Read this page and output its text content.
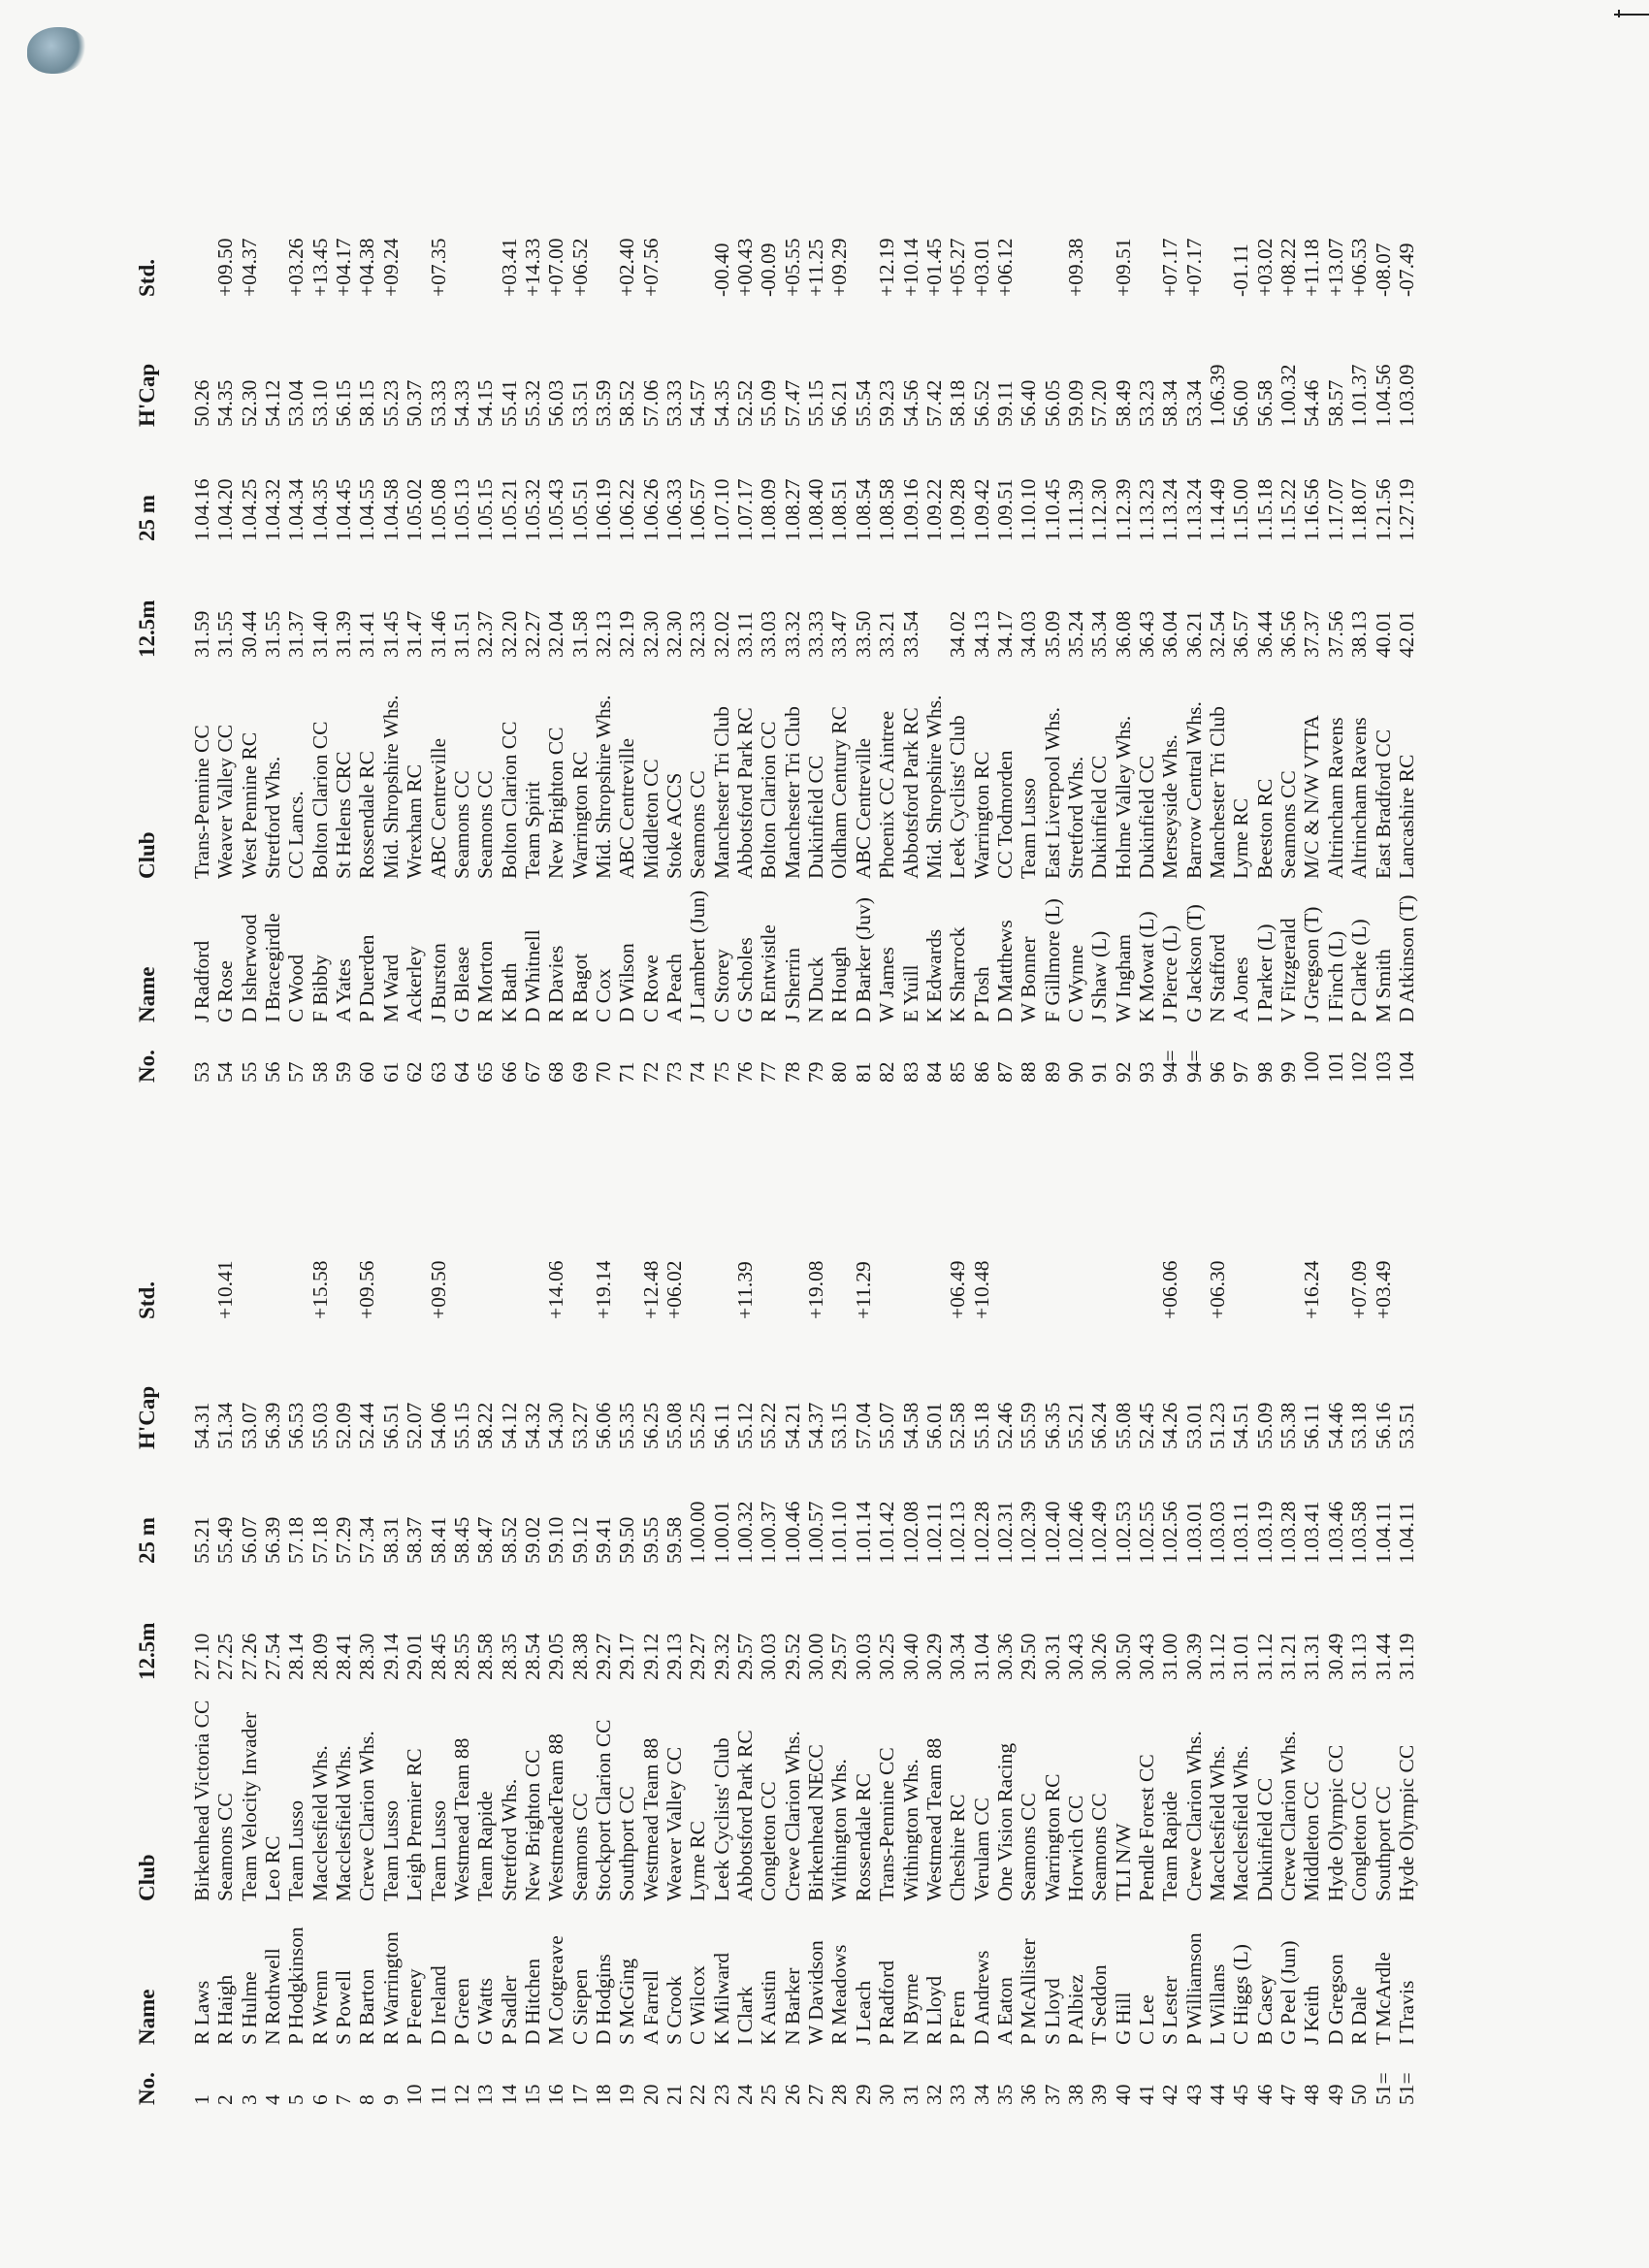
No.
Name
Club
12.5m
25 m
H'Cap
Std.
1
R Laws
Birkenhead Victoria CC
27.10
55.21
54.31
2
R Haigh
Seamons CC
27.25
55.49
51.34
+10.41
3
S Hulme
Team Velocity Invader
27.26
56.07
53.07
4
N Rothwell
Leo RC
27.54
56.39
56.39
5
P Hodgkinson
Team Lusso
28.14
57.18
56.53
6
R Wrenn
Macclesfield Whs.
28.09
57.18
55.03
+15.58
7
S Powell
Macclesfield Whs.
28.41
57.29
52.09
8
R Barton
Crewe Clarion Whs.
28.30
57.34
52.44
+09.56
9
R Warrington
Team Lusso
29.14
58.31
56.51
10
P Feeney
Leigh Premier RC
29.01
58.37
52.07
11
D Ireland
Team Lusso
28.45
58.41
54.06
+09.50
12
P Green
Westmead Team 88
28.55
58.45
55.15
13
G Watts
Team Rapide
28.58
58.47
58.22
14
P Sadler
Stretford Whs.
28.35
58.52
54.12
15
D Hitchen
New Brighton CC
28.54
59.02
54.32
16
M Cotgreave
WestmeadeTeam 88
29.05
59.10
54.30
+14.06
17
C Siepen
Seamons CC
28.38
59.12
53.27
18
D Hodgins
Stockport Clarion CC
29.27
59.41
56.06
+19.14
19
S McGing
Southport CC
29.17
59.50
55.35
20
A Farrell
Westmead Team 88
29.12
59.55
56.25
+12.48
21
S Crook
Weaver Valley CC
29.13
59.58
55.08
+06.02
22
C Wilcox
Lyme RC
29.27
1.00.00
55.25
23
K Milward
Leek Cyclists' Club
29.32
1.00.01
56.11
24
I Clark
Abbotsford Park RC
29.57
1.00.32
55.12
+11.39
25
K Austin
Congleton CC
30.03
1.00.37
55.22
26
N Barker
Crewe Clarion Whs.
29.52
1.00.46
54.21
27
W Davidson
Birkenhead NECC
30.00
1.00.57
54.37
+19.08
28
R Meadows
Withington Whs.
29.57
1.01.10
53.15
29
J Leach
Rossendale RC
30.03
1.01.14
57.04
+11.29
30
P Radford
Trans-Pennine CC
30.25
1.01.42
55.07
31
N Byrne
Withington Whs.
30.40
1.02.08
54.58
32
R Lloyd
Westmead Team 88
30.29
1.02.11
56.01
33
P Fern
Cheshire RC
30.34
1.02.13
52.58
+06.49
34
D Andrews
Verulam CC
31.04
1.02.28
55.18
+10.48
35
A Eaton
One Vision Racing
30.36
1.02.31
52.46
36
P McAllister
Seamons CC
29.50
1.02.39
55.59
37
S Lloyd
Warrington RC
30.31
1.02.40
56.35
38
P Albiez
Horwich CC
30.43
1.02.46
55.21
39
T Seddon
Seamons CC
30.26
1.02.49
56.24
40
G Hill
TLI N/W
30.50
1.02.53
55.08
41
C Lee
Pendle Forest CC
30.43
1.02.55
52.45
42
S Lester
Team Rapide
31.00
1.02.56
54.26
+06.06
43
P Williamson
Crewe Clarion Whs.
30.39
1.03.01
53.01
44
L Willans
Macclesfield Whs.
31.12
1.03.03
51.23
+06.30
45
C Higgs (L)
Macclesfield Whs.
31.01
1.03.11
54.51
46
B Casey
Dukinfield CC
31.12
1.03.19
55.09
47
G Peel (Jun)
Crewe Clarion Whs.
31.21
1.03.28
55.38
48
J Keith
Middleton CC
31.31
1.03.41
56.11
+16.24
49
D Gregson
Hyde Olympic CC
30.49
1.03.46
54.46
50
R Dale
Congleton CC
31.13
1.03.58
53.18
+07.09
51=
T McArdle
Southport CC
31.44
1.04.11
56.16
+03.49
51=
I Travis
Hyde Olympic CC
31.19
1.04.11
53.51
No.
Name
Club
12.5m
25 m
H'Cap
Std.
53
J Radford
Trans-Pennine CC
31.59
1.04.16
50.26
54
G Rose
Weaver Valley CC
31.55
1.04.20
54.35
+09.50
55
D Isherwood
West Pennine RC
30.44
1.04.25
52.30
+04.37
56
I Bracegirdle
Stretford Whs.
31.55
1.04.32
54.12
57
C Wood
CC Lancs.
31.37
1.04.34
53.04
+03.26
58
F Bibby
Bolton Clarion CC
31.40
1.04.35
53.10
+13.45
59
A Yates
St Helens CRC
31.39
1.04.45
56.15
+04.17
60
P Duerden
Rossendale RC
31.41
1.04.55
58.15
+04.38
61
M Ward
Mid. Shropshire Whs.
31.45
1.04.58
55.23
+09.24
62
Ackerley
Wrexham RC
31.47
1.05.02
50.37
63
J Burston
ABC Centreville
31.46
1.05.08
53.33
+07.35
64
G Blease
Seamons CC
31.51
1.05.13
54.33
65
R Morton
Seamons CC
32.37
1.05.15
54.15
66
K Bath
Bolton Clarion CC
32.20
1.05.21
55.41
+03.41
67
D Whitnell
Team Spirit
32.27
1.05.32
55.32
+14.33
68
R Davies
New Brighton CC
32.04
1.05.43
56.03
+07.00
69
R Bagot
Warrington RC
31.58
1.05.51
53.51
+06.52
70
C Cox
Mid. Shropshire Whs.
32.13
1.06.19
53.59
71
D Wilson
ABC Centreville
32.19
1.06.22
58.52
+02.40
72
C Rowe
Middleton CC
32.30
1.06.26
57.06
+07.56
73
A Peach
Stoke ACCS
32.30
1.06.33
53.33
74
J Lambert (Jun)
Seamons CC
32.33
1.06.57
54.57
75
C Storey
Manchester Tri Club
32.02
1.07.10
54.35
-00.40
76
G Scholes
Abbotsford Park RC
33.11
1.07.17
52.52
+00.43
77
R Entwistle
Bolton Clarion CC
33.03
1.08.09
55.09
-00.09
78
J Sherrin
Manchester Tri Club
33.32
1.08.27
57.47
+05.55
79
N Duck
Dukinfield CC
33.33
1.08.40
55.15
+11.25
80
R Hough
Oldham Century RC
33.47
1.08.51
56.21
+09.29
81
D Barker (Juv)
ABC Centreville
33.50
1.08.54
55.54
82
W James
Phoenix CC Aintree
33.21
1.08.58
59.23
+12.19
83
E Yuill
Abbotsford Park RC
33.54
1.09.16
54.56
+10.14
84
K Edwards
Mid. Shropshire Whs.
1.09.22
57.42
+01.45
85
K Sharrock
Leek Cyclists' Club
34.02
1.09.28
58.18
+05.27
86
P Tosh
Warrington RC
34.13
1.09.42
56.52
+03.01
87
D Matthews
CC Todmorden
34.17
1.09.51
59.11
+06.12
88
W Bonner
Team Lusso
34.03
1.10.10
56.40
89
F Gillmore (L)
East Liverpool Whs.
35.09
1.10.45
56.05
90
C Wynne
Stretford Whs.
35.24
1.11.39
59.09
+09.38
91
J Shaw (L)
Dukinfield CC
35.34
1.12.30
57.20
92
W Ingham
Holme Valley Whs.
36.08
1.12.39
58.49
+09.51
93
K Mowat (L)
Dukinfield CC
36.43
1.13.23
53.23
94=
J Pierce (L)
Merseyside Whs.
36.04
1.13.24
58.34
+07.17
94=
G Jackson (T)
Barrow Central Whs.
36.21
1.13.24
53.34
+07.17
96
N Stafford
Manchester Tri Club
32.54
1.14.49
1.06.39
97
A Jones
Lyme RC
36.57
1.15.00
56.00
-01.11
98
I Parker (L)
Beeston RC
36.44
1.15.18
56.58
+03.02
99
V Fitzgerald
Seamons CC
36.56
1.15.22
1.00.32
+08.22
100
J Gregson (T)
M/C & N/W VTTA
37.37
1.16.56
54.46
+11.18
101
I Finch (L)
Altrincham Ravens
37.56
1.17.07
58.57
+13.07
102
P Clarke (L)
Altrincham Ravens
38.13
1.18.07
1.01.37
+06.53
103
M Smith
East Bradford CC
40.01
1.21.56
1.04.56
-08.07
104
D Atkinson (T)
Lancashire RC
42.01
1.27.19
1.03.09
-07.49
